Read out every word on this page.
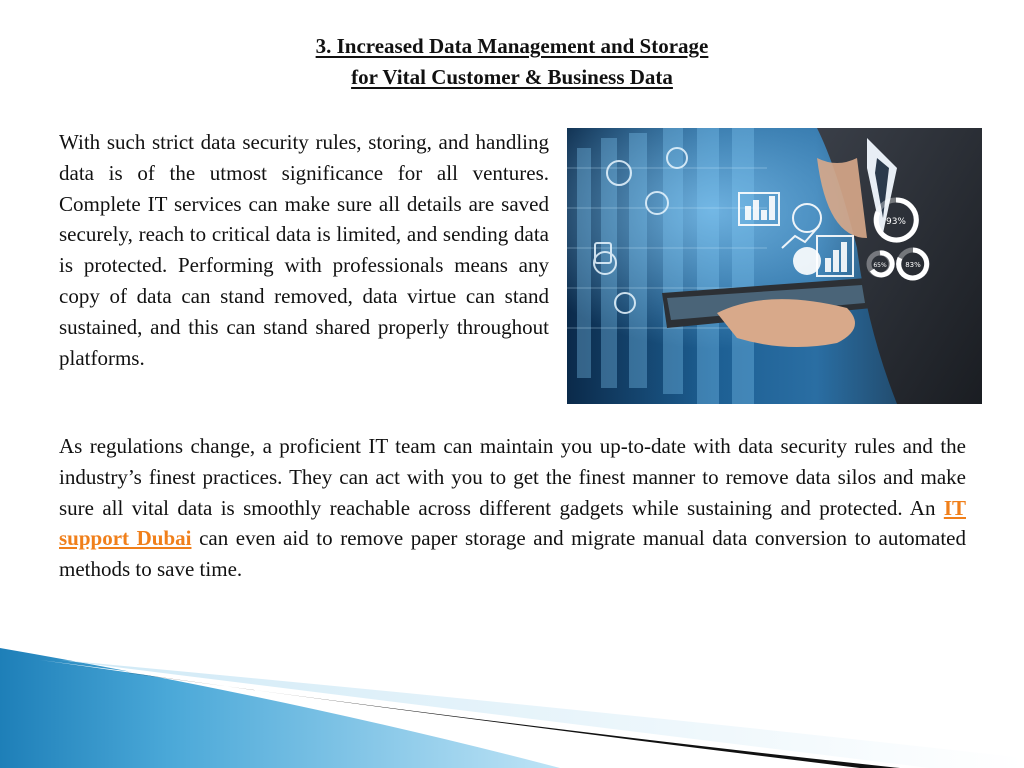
3. Increased Data Management and Storage
for Vital Customer & Business Data

With such strict data security rules, storing, and handling data is of the utmost significance for all ventures. Complete IT services can make sure all details are saved securely, reach to critical data is limited, and sending data is protected. Performing with professionals means any copy of data can stand removed, data virtue can stand sustained, and this can stand shared properly throughout platforms.

93%
83%
65%

As regulations change, a proficient IT team can maintain you up-to-date with data security rules and the industry’s finest practices. They can act with you to get the finest manner to remove data silos and make sure all vital data is smoothly reachable across different gadgets while sustaining and protected. An IT support Dubai can even aid to remove paper storage and migrate manual data conversion to automated methods to save time.
